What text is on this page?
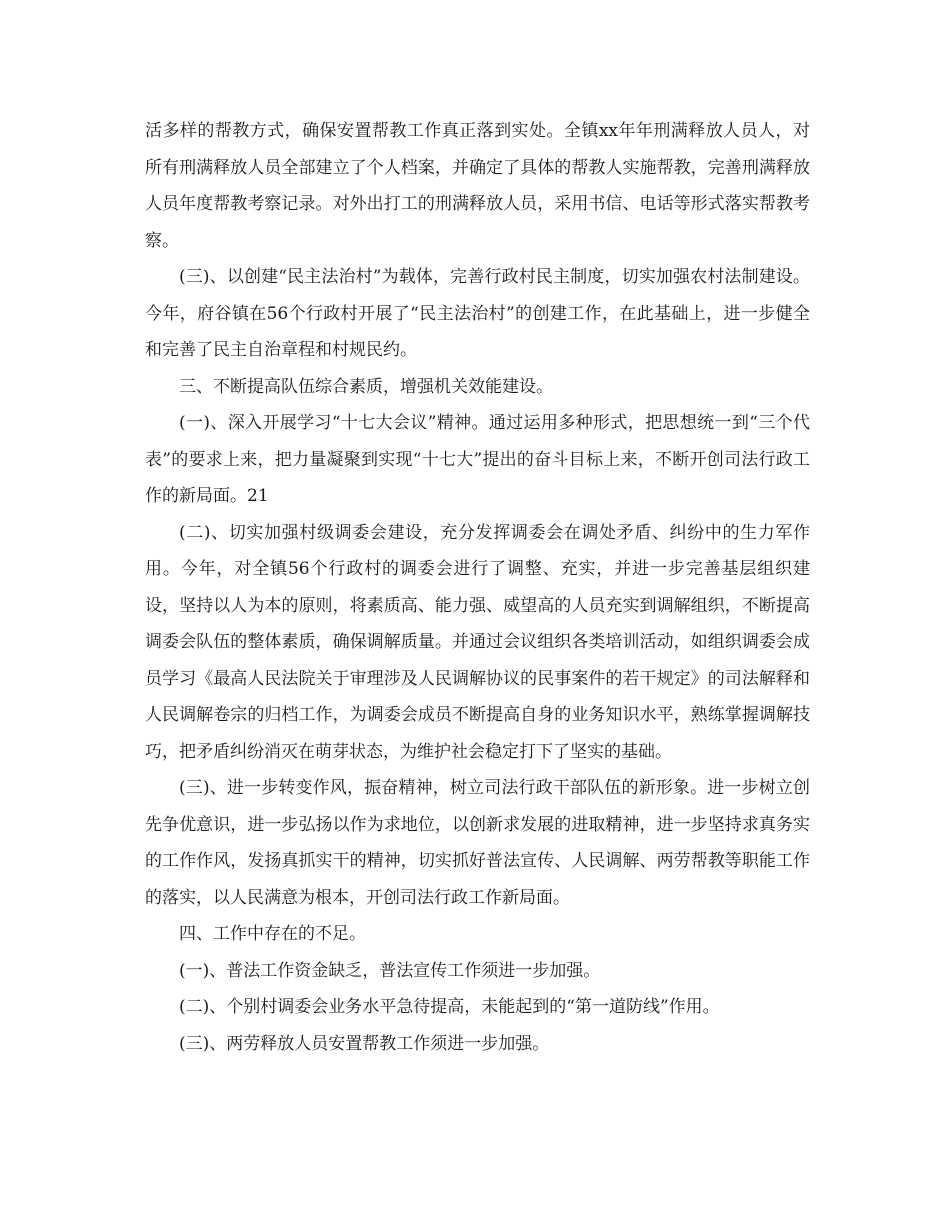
活多样的帮教方式，确保安置帮教工作真正落到实处。全镇xx年年刑满释放人员人，对所有刑满释放人员全部建立了个人档案，并确定了具体的帮教人实施帮教，完善刑满释放人员年度帮教考察记录。对外出打工的刑满释放人员，采用书信、电话等形式落实帮教考察。

(三)、以创建“民主法治村”为载体，完善行政村民主制度，切实加强农村法制建设。今年，府谷镇在56个行政村开展了“民主法治村”的创建工作，在此基础上，进一步健全和完善了民主自治章程和村规民约。

三、不断提高队伍综合素质，增强机关效能建设。

(一)、深入开展学习“十七大会议”精神。通过运用多种形式，把思想统一到“三个代表”的要求上来，把力量凝聚到实现“十七大”提出的奋斗目标上来，不断开创司法行政工作的新局面。21

(二)、切实加强村级调委会建设，充分发挥调委会在调处矛盾、纠纷中的生力军作用。今年，对全镇56个行政村的调委会进行了调整、充实，并进一步完善基层组织建设，坚持以人为本的原则，将素质高、能力强、威望高的人员充实到调解组织，不断提高调委会队伍的整体素质，确保调解质量。并通过会议组织各类培训活动，如组织调委会成员学习《最高人民法院关于审理涉及人民调解协议的民事案件的若干规定》的司法解释和人民调解卷宗的归档工作，为调委会成员不断提高自身的业务知识水平，熟练掌握调解技巧，把矛盾纠纷消灭在萌芽状态，为维护社会稳定打下了坚实的基础。

(三)、进一步转变作风，振奋精神，树立司法行政干部队伍的新形象。进一步树立创先争优意识，进一步弘扬以作为求地位，以创新求发展的进取精神，进一步坚持求真务实的工作作风，发扬真抓实干的精神，切实抓好普法宣传、人民调解、两劳帮教等职能工作的落实，以人民满意为根本，开创司法行政工作新局面。

四、工作中存在的不足。

(一)、普法工作资金缺乏，普法宣传工作须进一步加强。

(二)、个别村调委会业务水平急待提高，未能起到的“第一道防线”作用。

(三)、两劳释放人员安置帮教工作须进一步加强。
